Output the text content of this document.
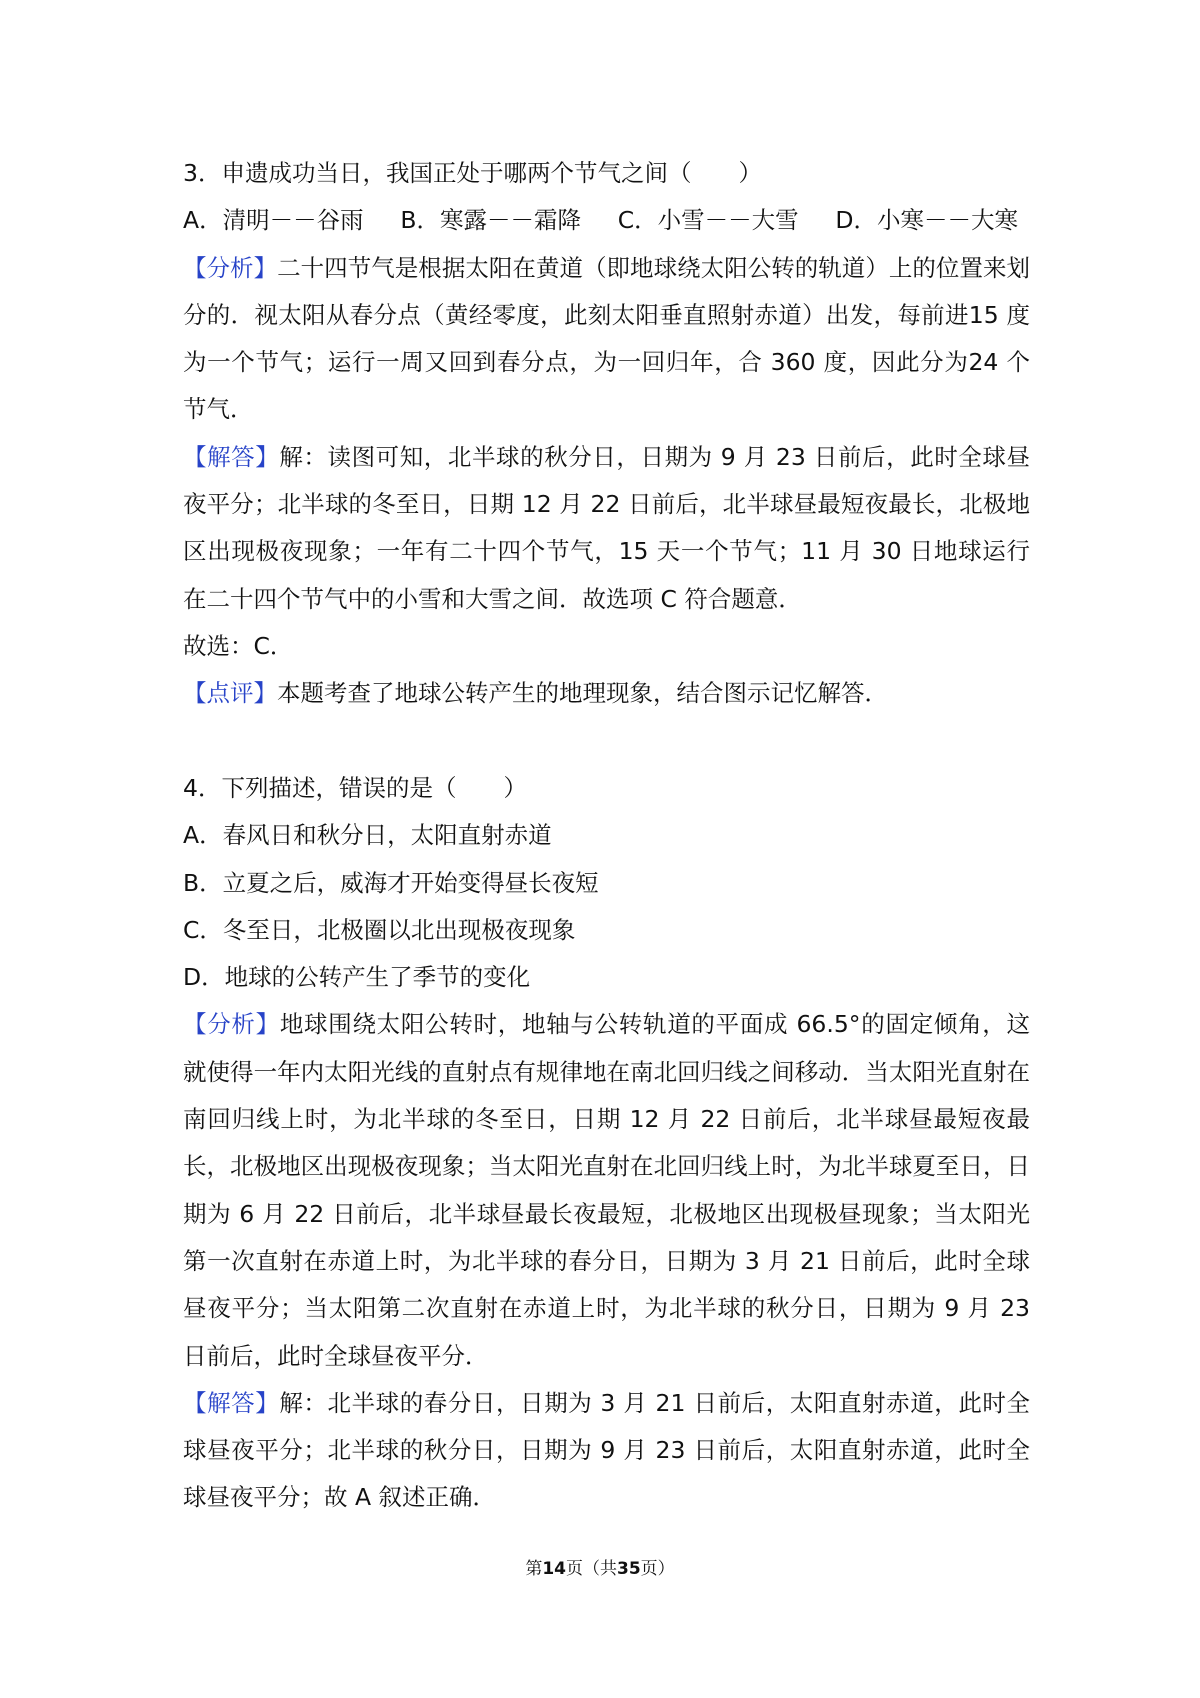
3．申遗成功当日，我国正处于哪两个节气之间（　　）

A．清明－－谷雨 B．寒露－－霜降 C．小雪－－大雪 D．小寒－－大寒

【分析】二十四节气是根据太阳在黄道（即地球绕太阳公转的轨道）上的位置来划分的．视太阳从春分点（黄经零度，此刻太阳垂直照射赤道）出发，每前进15 度为一个节气；运行一周又回到春分点，为一回归年，合 360 度，因此分为24 个节气．

【解答】解：读图可知，北半球的秋分日，日期为 9 月 23 日前后，此时全球昼夜平分；北半球的冬至日，日期 12 月 22 日前后，北半球昼最短夜最长，北极地区出现极夜现象；一年有二十四个节气，15 天一个节气；11 月 30 日地球运行在二十四个节气中的小雪和大雪之间．故选项 C 符合题意．

故选：C．

【点评】本题考查了地球公转产生的地理现象，结合图示记忆解答．

4．下列描述，错误的是（　　）

A．春风日和秋分日，太阳直射赤道

B．立夏之后，威海才开始变得昼长夜短

C．冬至日，北极圈以北出现极夜现象

D．地球的公转产生了季节的变化

【分析】地球围绕太阳公转时，地轴与公转轨道的平面成 66.5°的固定倾角，这就使得一年内太阳光线的直射点有规律地在南北回归线之间移动．当太阳光直射在南回归线上时，为北半球的冬至日，日期 12 月 22 日前后，北半球昼最短夜最长，北极地区出现极夜现象；当太阳光直射在北回归线上时，为北半球夏至日，日期为 6 月 22 日前后，北半球昼最长夜最短，北极地区出现极昼现象；当太阳光第一次直射在赤道上时，为北半球的春分日，日期为 3 月 21 日前后，此时全球昼夜平分；当太阳第二次直射在赤道上时，为北半球的秋分日，日期为 9 月 23 日前后，此时全球昼夜平分．

【解答】解：北半球的春分日，日期为 3 月 21 日前后，太阳直射赤道，此时全球昼夜平分；北半球的秋分日，日期为 9 月 23 日前后，太阳直射赤道，此时全球昼夜平分；故 A 叙述正确．

第14页（共35页）
